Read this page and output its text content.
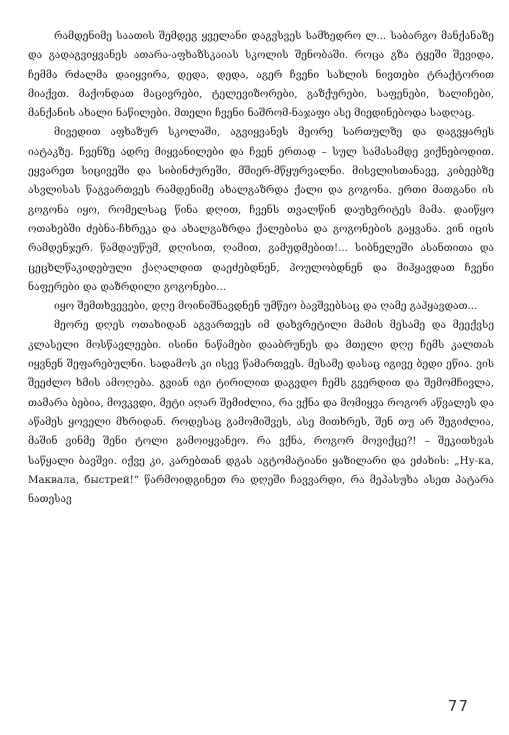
რამდენიმე საათის შემდეგ ყველანი დაგვსვეს სამხედრო ლ... საბარგო მანქანაზე და გადაგვიყვანეს ათარა-აფხაზსკაიას სკოლის შენობაში. როცა გზა ტყეში შევიდა, ჩემმა რძალმა დაიყვირა, დედა, დედა, აგერ ჩვენი სახლის ნივთები ტრაქტორით მიაქვთ. მაქონდათ მაცივრები, ტელევიზორები, გაზქურები, საფენები, ხალიჩები, მანქანის ახალი ნაწილები. მთელი ჩვენი ნაშრომ-ნაჯაფი ასე მიედინებოდა სადღაც.

მივედით აფხაზურ სკოლაში, აგვიყვანეს მეორე სართულზე და დაგვყარეს იატაკზე. ჩვენზე ადრე მიყვანილები და ჩვენ ერთად – სულ სამასამდე ვიქნებოდით. ეყვარეთ სიცივეში და სიბინძურეში, მშიერ-მწყურვალნი. მისვლისთანავე, კიბეებზე ასვლისას წაგვართვეს რამდენიმე ახალგაზრდა ქალი და გოგონა. ერთი მათგანი ის გოგონა იყო, რომელსაც წინა დღით, ჩვენს თვალწინ დაუხვრიტეს მამა. დაიწყო ოთახებში ძებნა-ჩხრეკა და ახალგაზრდა ქალებისა და გოგონების გაყვანა. ვინ იცის რამდენჯერ. წამდაუწუმ, დღისით, ღამით, გამუდმებით!... სიბნელეში ასანთითა და ცეცხლწაკიდებული ქაღალდით დაეძებდნენ, პოულობდნენ და მიჰყავდათ ჩვენი ნაფერები და დაზრდილი გოგონები...

იყო შემთხვევები, დღე მოინიშნავდნენ უმწეო ბავშვებსაც და ღამე გაჰყავდათ...

მეორე დღეს ოთახიდან აგვართვეს იმ დახვრეტილი მამის მესამე და მეექვსე კლასელი მოსწავლეები. ისინი ნაწამები დააბრუნეს და მთელი დღე ჩემს კალთას იყვნენ შეფარებულნი. სადამოს კი ისევ წამართვეს. მესამე დასაც იგივე ბედი ეწია. ვის შეეძლო ხმის ამოღება. გვიან იგი ტირილით დაგვდო ჩემს გვერდით და შემომჩივლა, თამარა ბებია, მოვკვდი, მეტი აღარ შემიძლია, რა ვქნა და მომიყვა როგორ აწვალეს და აწამეს ყოველი მხრიდან. როდესაც გამომიშვეს, ასე მითხრეს, შენ თუ არ შეგიძლია, მაშინ ვინმე შენი ტოლი გამოიყვანეო. რა ვქნა, როგორ მოვიქცე?! – შეკითხვას საწყალი ბავშვი. იქვე კი, კარებთან დგას აგტომატიანი ყაზილარი და ეძახის: „Ну-ка, Маквала, быстрей!“ წარმოიდგინეთ რა დღეში ჩავვარდი, რა მეპასუხა ასეთ პატარა ნათესავ

77
